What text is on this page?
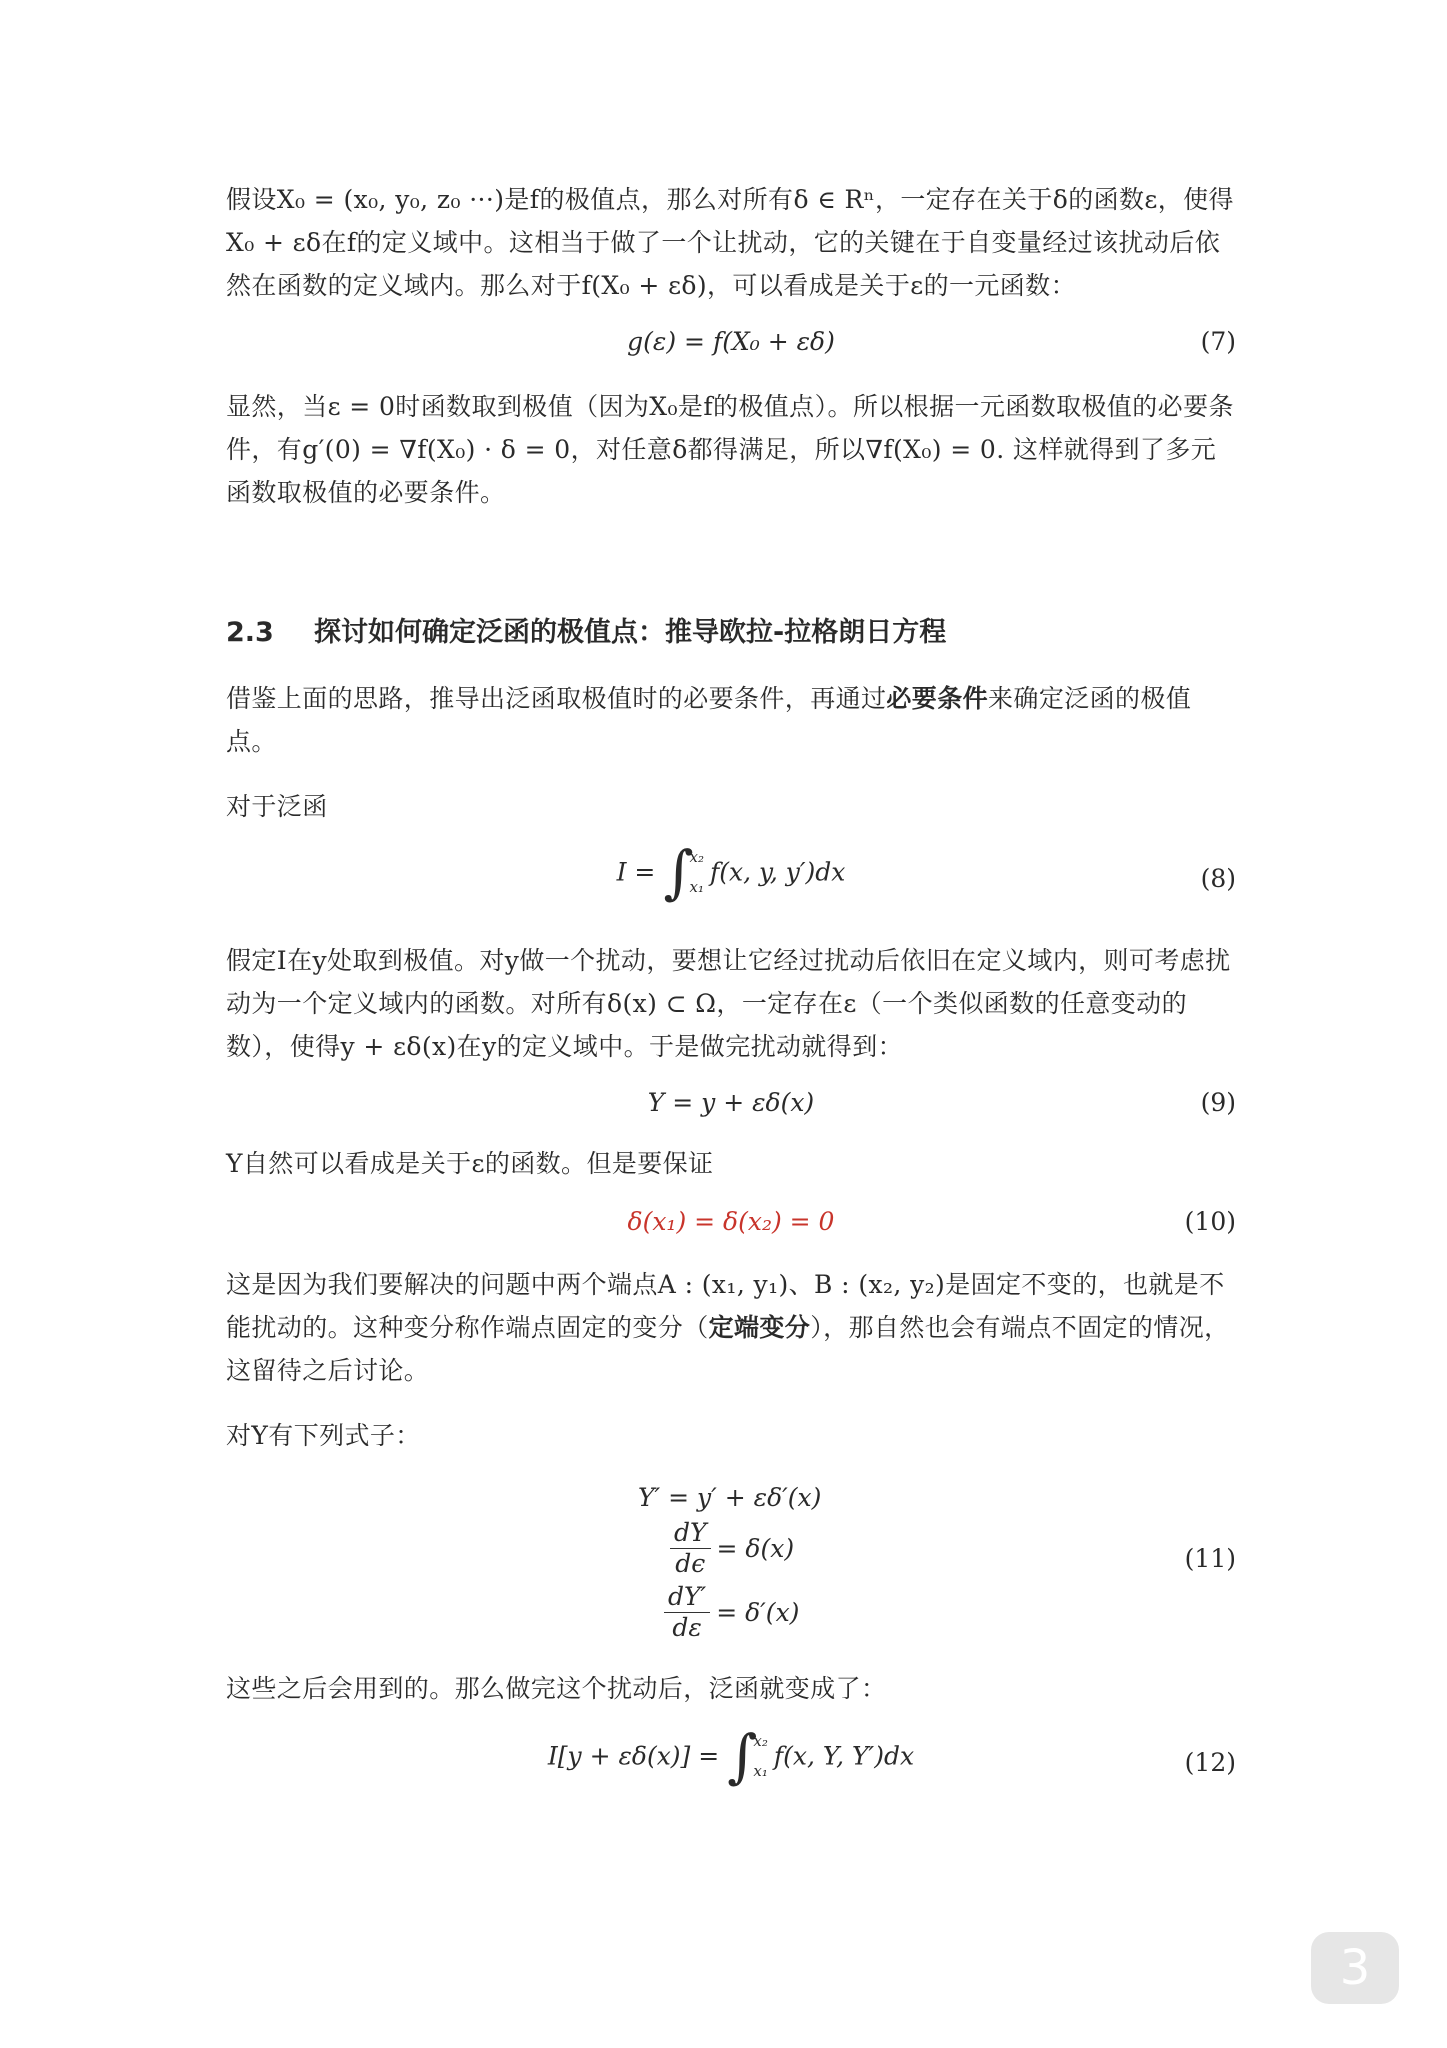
假设X₀ = (x₀, y₀, z₀ ···)是f的极值点，那么对所有δ ∈ Rⁿ，一定存在关于δ的函数ε，使得X₀ + εδ在f的定义域中。这相当于做了一个让扰动，它的关键在于自变量经过该扰动后依然在函数的定义域内。那么对于f(X₀ + εδ)，可以看成是关于ε的一元函数：
g(ε) = f(X₀ + εδ)	(7)
显然，当ε = 0时函数取到极值（因为X₀是f的极值点）。所以根据一元函数取极值的必要条件，有g′(0) = ∇f(X₀) · δ = 0，对任意δ都得满足，所以∇f(X₀) = 0. 这样就得到了多元函数取极值的必要条件。
2.3 探讨如何确定泛函的极值点：推导欧拉-拉格朗日方程
借鉴上面的思路，推导出泛函取极值时的必要条件，再通过必要条件来确定泛函的极值点。
对于泛函
I = ∫
x₂
x₁
f(x, y, y′)dx	(8)
假定I在y处取到极值。对y做一个扰动，要想让它经过扰动后依旧在定义域内，则可考虑扰动为一个定义域内的函数。对所有δ(x) ⊂ Ω，一定存在ε（一个类似函数的任意变动的数），使得y + εδ(x)在y的定义域中。于是做完扰动就得到：
Y = y + εδ(x)	(9)
Y自然可以看成是关于ε的函数。但是要保证
δ(x₁) = δ(x₂) = 0	(10)
这是因为我们要解决的问题中两个端点A : (x₁, y₁)、B : (x₂, y₂)是固定不变的，也就是不能扰动的。这种变分称作端点固定的变分（定端变分），那自然也会有端点不固定的情况，这留待之后讨论。
对Y有下列式子：
Y′ = y′ + εδ′(x)
$\frac{dY}{d\epsilon} = \delta(x)$
$\frac{dY'}{d\varepsilon} = \delta'(x)$
(11)
这些之后会用到的。那么做完这个扰动后，泛函就变成了：
I[y + εδ(x)] = ∫
x₂
x₁
f(x, Y, Y′)dx	(12)
3
